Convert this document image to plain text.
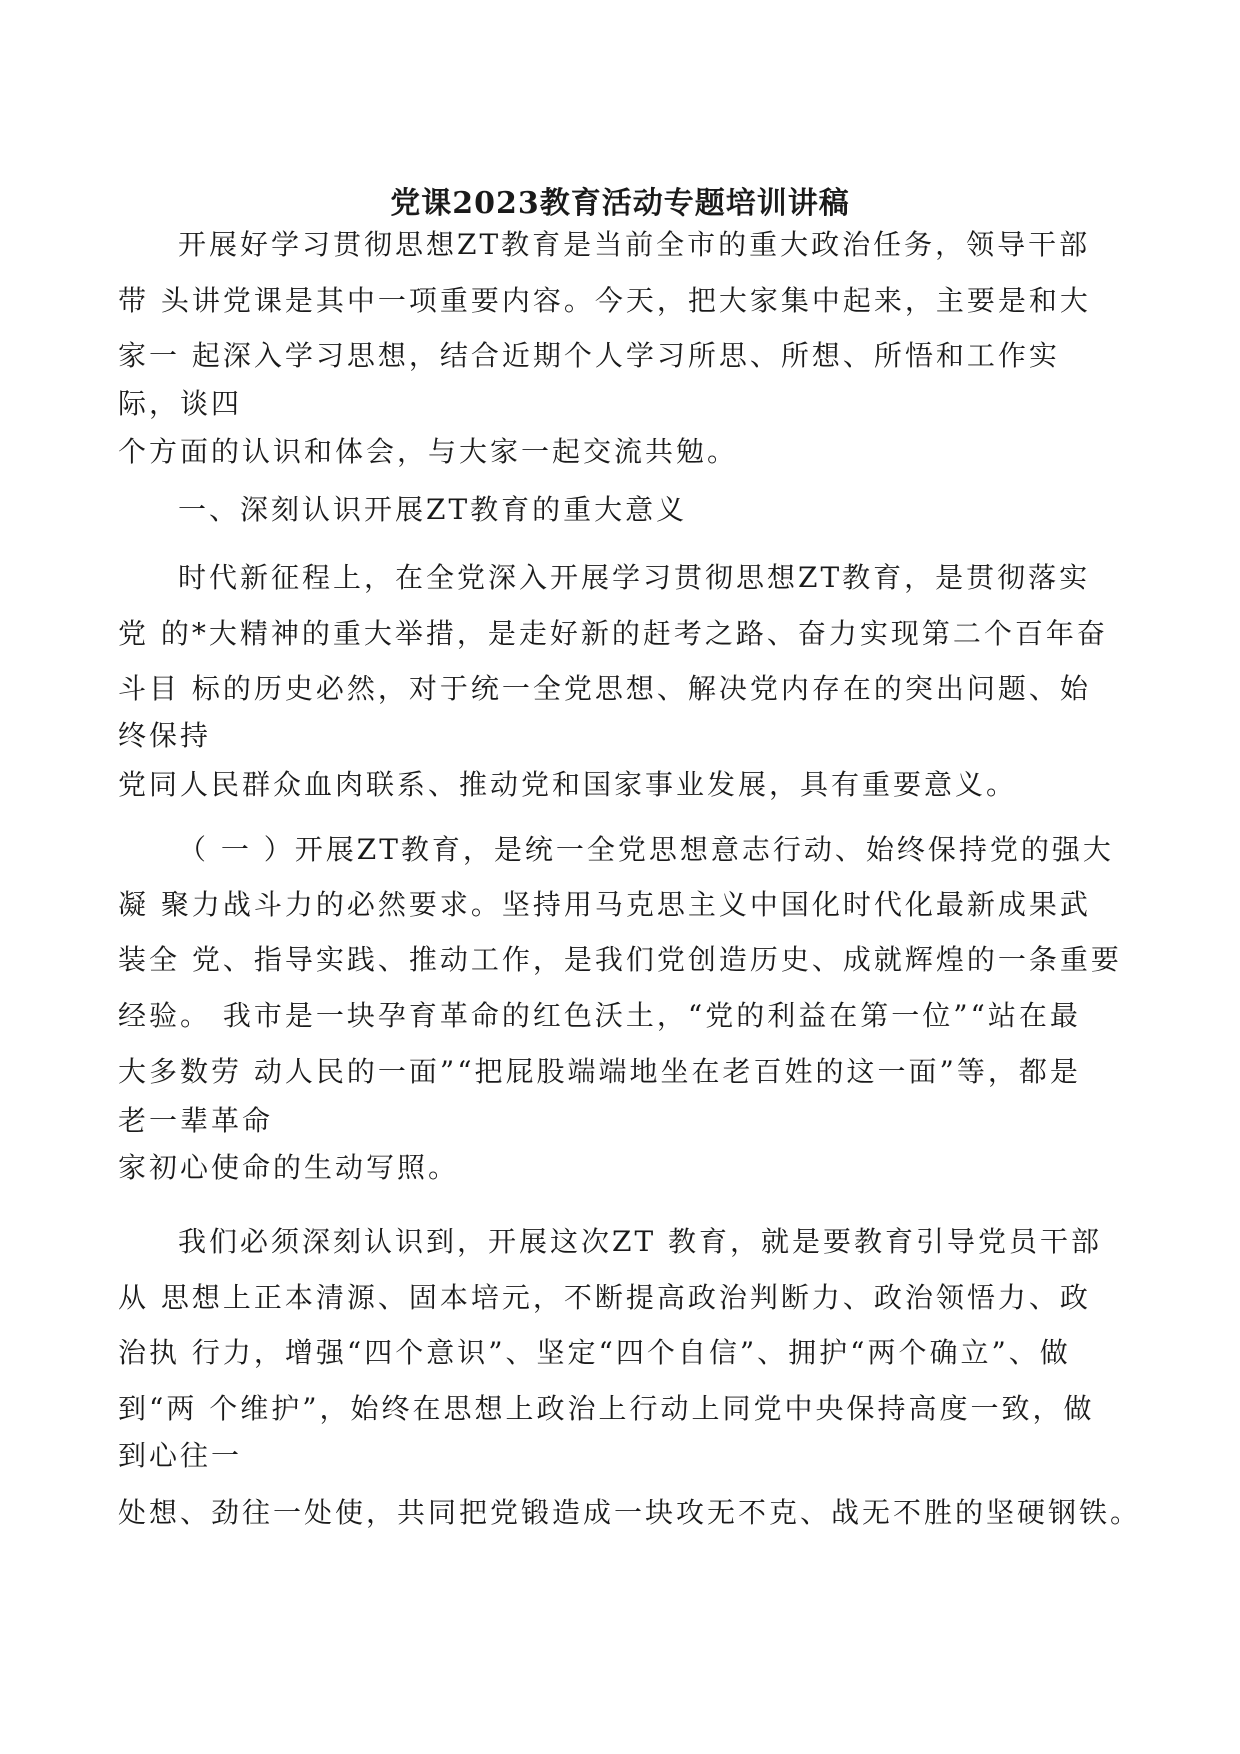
党课2023教育活动专题培训讲稿
开展好学习贯彻思想ZT教育是当前全市的重大政治任务，领导干部
带 头讲党课是其中一项重要内容。今天，把大家集中起来，主要是和大
家一 起深入学习思想，结合近期个人学习所思、所想、所悟和工作实
际，谈四
个方面的认识和体会，与大家一起交流共勉。
一、深刻认识开展ZT教育的重大意义
时代新征程上，在全党深入开展学习贯彻思想ZT教育，是贯彻落实
党 的*大精神的重大举措，是走好新的赶考之路、奋力实现第二个百年奋
斗目 标的历史必然，对于统一全党思想、解决党内存在的突出问题、始
终保持
党同人民群众血肉联系、推动党和国家事业发展，具有重要意义。
（ 一 ）开展ZT教育，是统一全党思想意志行动、始终保持党的强大
凝 聚力战斗力的必然要求。坚持用马克思主义中国化时代化最新成果武
装全 党、指导实践、推动工作，是我们党创造历史、成就辉煌的一条重要
经验。 我市是一块孕育革命的红色沃土，“党的利益在第一位”“站在最
大多数劳 动人民的一面”“把屁股端端地坐在老百姓的这一面”等，都是
老一辈革命
家初心使命的生动写照。
我们必须深刻认识到，开展这次ZT 教育，就是要教育引导党员干部
从 思想上正本清源、固本培元，不断提高政治判断力、政治领悟力、政
治执 行力，增强“四个意识”、坚定“四个自信”、拥护“两个确立”、做
到“两 个维护”，始终在思想上政治上行动上同党中央保持高度一致，做
到心往一
处想、劲往一处使，共同把党锻造成一块攻无不克、战无不胜的坚硬钢铁。
